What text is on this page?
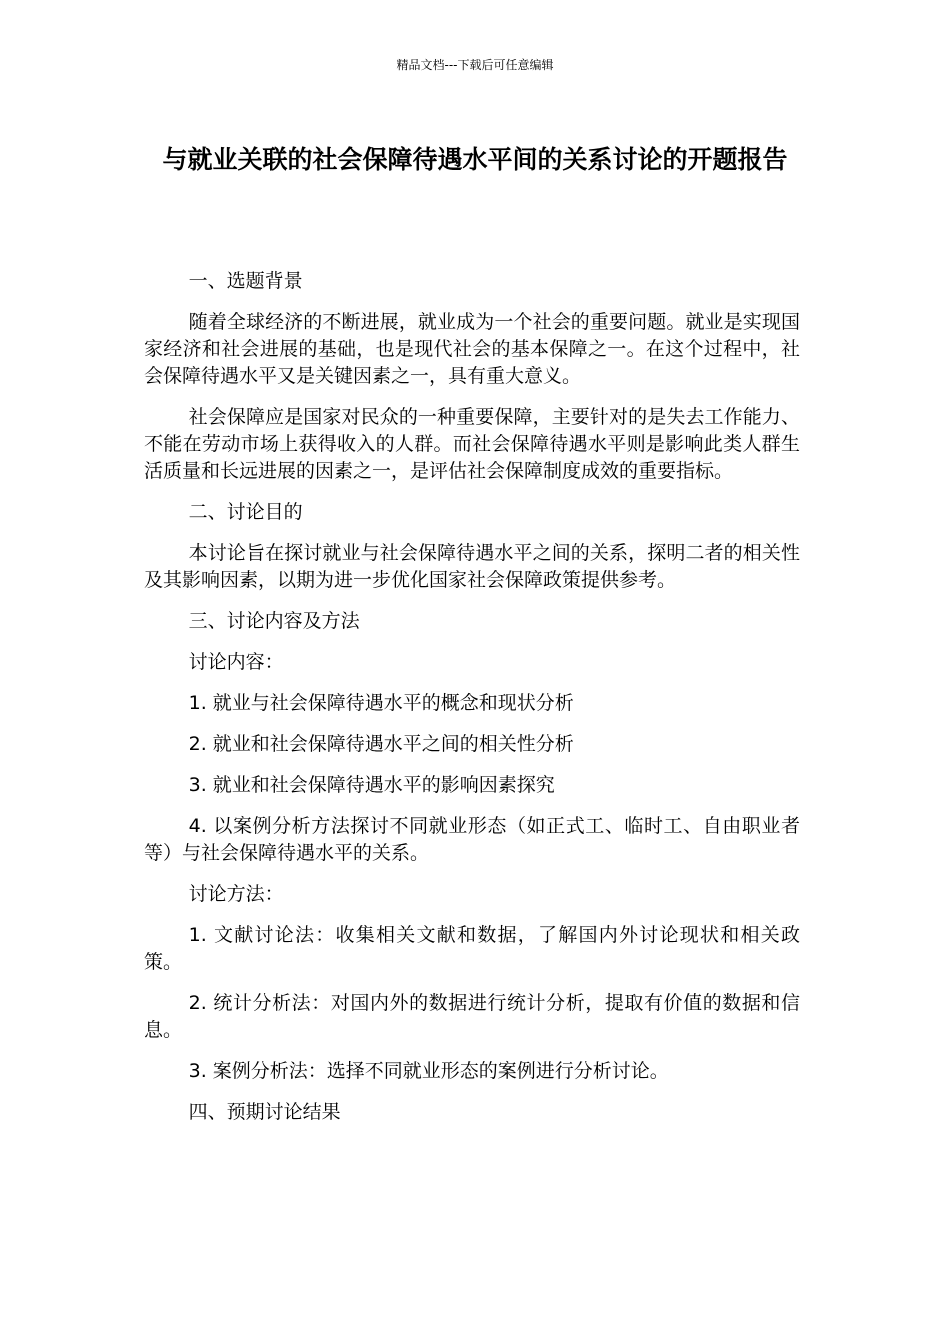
精品文档---下载后可任意编辑
与就业关联的社会保障待遇水平间的关系讨论的开题报告

一、选题背景

随着全球经济的不断进展，就业成为一个社会的重要问题。就业是实现国家经济和社会进展的基础，也是现代社会的基本保障之一。在这个过程中，社会保障待遇水平又是关键因素之一，具有重大意义。

社会保障应是国家对民众的一种重要保障，主要针对的是失去工作能力、不能在劳动市场上获得收入的人群。而社会保障待遇水平则是影响此类人群生活质量和长远进展的因素之一，是评估社会保障制度成效的重要指标。

二、讨论目的

本讨论旨在探讨就业与社会保障待遇水平之间的关系，探明二者的相关性及其影响因素，以期为进一步优化国家社会保障政策提供参考。

三、讨论内容及方法

讨论内容：

1. 就业与社会保障待遇水平的概念和现状分析

2. 就业和社会保障待遇水平之间的相关性分析

3. 就业和社会保障待遇水平的影响因素探究

4. 以案例分析方法探讨不同就业形态（如正式工、临时工、自由职业者等）与社会保障待遇水平的关系。

讨论方法：

1. 文献讨论法：收集相关文献和数据，了解国内外讨论现状和相关政策。

2. 统计分析法：对国内外的数据进行统计分析，提取有价值的数据和信息。

3. 案例分析法：选择不同就业形态的案例进行分析讨论。

四、预期讨论结果
